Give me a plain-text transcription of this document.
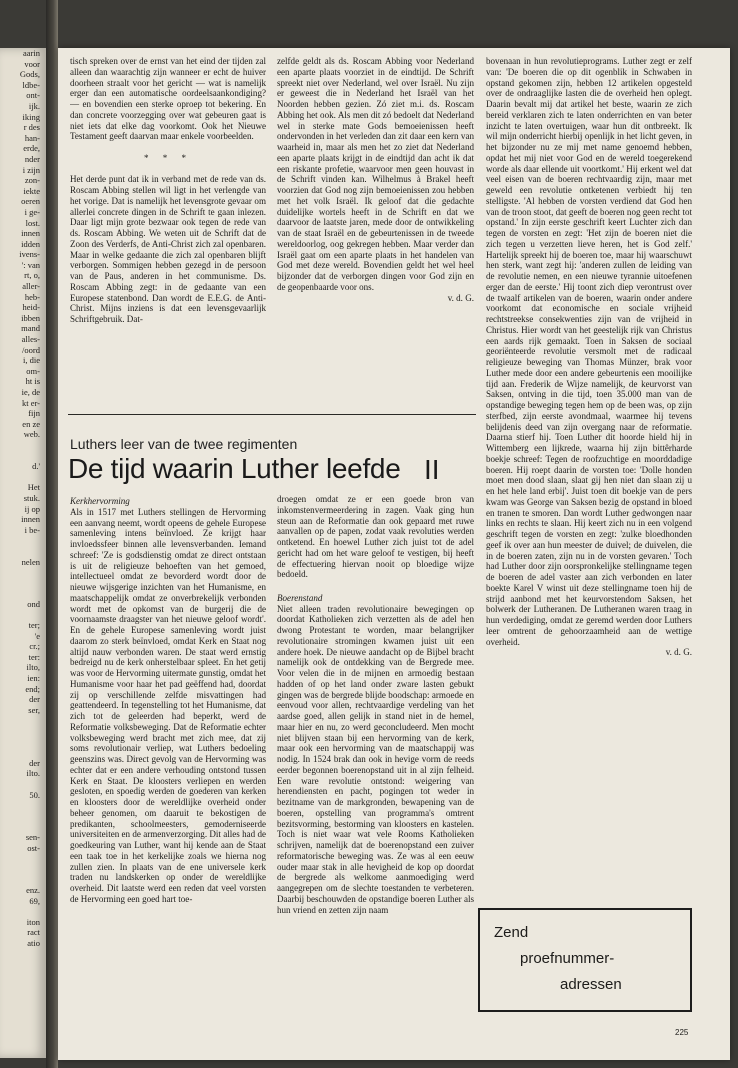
aarin
voor
Gods,
ldbe-
ont-
ijk.
iking
r des
han-
erde,
nder
i zijn
zon-
iekte
oeren
i ge-
lost.
innen
idden
ivens-
': van
rt, o,
aller-
heb-
heid-
ibben
mand
alles-
/oord
i, die
om-
ht is
ie, de
kt er-
fijn
en ze
web.

d.'

Het
stuk.
ij op
innen
i be-

nelen

ond

ter;
'e
cr.;
ter:
ilto,
ien:
end;
der
ser,

der
ilto.

50.

sen-
ost-

enz.
69,

iton
ract
atio

tisch spreken over de ernst van het eind der tijden zal alleen dan waarachtig zijn wanneer er echt de huiver doorheen straalt voor het gericht — wat is namelijk erger dan een automatische oordeelsaankondiging? — en bovendien een sterke oproep tot bekering. En dan concrete voorzegging over wat gebeuren gaat is niet iets dat elke dag voorkomt. Ook het Nieuwe Testament geeft daarvan maar enkele voorbeelden.

* * *

Het derde punt dat ik in verband met de rede van ds. Roscam Abbing stellen wil ligt in het verlengde van het vorige. Dat is namelijk het levensgrote gevaar om allerlei concrete dingen in de Schrift te gaan inlezen. Daar ligt mijn grote bezwaar ook tegen de rede van ds. Roscam Abbing. We weten uit de Schrift dat de Zoon des Verderfs, de Anti-Christ zich zal openbaren. Maar in welke gedaante die zich zal openbaren blijft verborgen. Sommigen hebben gezegd in de persoon van de Paus, anderen in het communisme. Ds. Roscam Abbing zegt: in de gedaante van een Europese statenbond. Dan wordt de E.E.G. de Anti-Christ. Mijns inziens is dat een levensgevaarlijk Schriftgebruik. Dat-

zelfde geldt als ds. Roscam Abbing voor Nederland een aparte plaats voorziet in de eindtijd. De Schrift spreekt niet over Nederland, wel over Israël. Nu zijn er geweest die in Nederland het Israël van het Noorden hebben gezien. Zó ziet m.i. ds. Roscam Abbing het ook. Als men dit zó bedoelt dat Nederland wel in sterke mate Gods bemoeienissen heeft ondervonden in het verleden dan zit daar een kern van waarheid in, maar als men het zo ziet dat Nederland een aparte plaats krijgt in de eindtijd dan acht ik dat een riskante profetie, waarvoor men geen houvast in de Schrift vinden kan. Wilhelmus à Brakel heeft voorzien dat God nog zijn bemoeienissen zou hebben met het volk Israël. Ik geloof dat die gedachte duidelijke wortels heeft in de Schrift en dat we daarvoor de laatste jaren, mede door de ontwikkeling van de staat Israël en de gebeurtenissen in de tweede wereldoorlog, oog gekregen hebben. Maar verder dan Israël gaat om een aparte plaats in het handelen van God met deze wereld. Bovendien geldt het wel heel bijzonder dat de verborgen dingen voor God zijn en de geopenbaarde voor ons.

v. d. G.

Luthers leer van de twee regimenten
De tijd waarin Luther leefde II

Kerkhervorming

Als in 1517 met Luthers stellingen de Hervorming een aanvang neemt, wordt opeens de gehele Europese samenleving intens beïnvloed. Ze krijgt haar invloedssfeer binnen alle levensverbanden. Iemand schreef: 'Ze is godsdienstig omdat ze direct ontstaan is uit de religieuze behoeften van het gemoed, intellectueel omdat ze bevorderd wordt door de nieuwe wijsgerige inzichten van het Humanisme, en maatschappelijk omdat ze onverbrekelijk verbonden wordt met de opkomst van de burgerij die de voornaamste draagster van het nieuwe geloof wordt'. En de gehele Europese samenleving wordt juist daarom zo sterk beïnvloed, omdat Kerk en Staat nog altijd nauw verbonden waren. De staat werd ernstig bedreigd nu de kerk onherstelbaar spleet. En het getij was voor de Hervorming uitermate gunstig, omdat het Humanisme voor haar het pad geëffend had, doordat zij op verschillende zelfde misvattingen had geattendeerd. In tegenstelling tot het Humanisme, dat zich tot de geleerden had beperkt, werd de Reformatie volksbeweging. Dat de Reformatie echter volksbeweging werd bracht met zich mee, dat zij soms revolutionair verliep, wat Luthers bedoeling geenszins was. Direct gevolg van de Hervorming was echter dat er een andere verhouding ontstond tussen Kerk en Staat. De kloosters verliepen en werden gesloten, en spoedig werden de goederen van kerken en kloosters door de wereldlijke overheid onder beheer genomen, om daaruit te bekostigen de predikanten, schoolmeesters, gemoderniseerde universiteiten en de armenverzorging. Dit alles had de goedkeuring van Luther, want hij kende aan de Staat een taak toe in het kerkelijke zoals we hierna nog zullen zien. In plaats van de ene universele kerk traden nu landskerken op onder de wereldlijke overheid. Dit laatste werd een reden dat veel vorsten de Hervorming een goed hart toe-

droegen omdat ze er een goede bron van inkomstenvermeerdering in zagen. Vaak ging hun steun aan de Reformatie dan ook gepaard met ruwe aanvallen op de papen, zodat vaak revoluties werden ontketend. En hoewel Luther zich juist tot de adel gericht had om het ware geloof te vestigen, bij heeft de effectuering hiervan nooit op bloedige wijze bedoeld.

Boerenstand

Niet alleen traden revolutionaire bewegingen op doordat Katholieken zich verzetten als de adel hen dwong Protestant te worden, maar belangrijker revolutionaire stromingen kwamen juist uit een andere hoek. De nieuwe aandacht op de Bijbel bracht namelijk ook de ontdekking van de Bergrede mee. Voor velen die in de mijnen en armoedig bestaan hadden of op het land onder zware lasten gebukt gingen was de bergrede blijde boodschap: armoede en eenvoud voor allen, rechtvaardige verdeling van het aardse goed, allen gelijk in stand niet in de hemel, maar hier en nu, zo werd geconcludeerd. Men mocht niet blijven staan bij een hervorming van de kerk, maar ook een hervorming van de maatschappij was nodig. In 1524 brak dan ook in hevige vorm de reeds eerder begonnen boerenopstand uit in al zijn felheid. Een ware revolutie ontstond: weigering van herendiensten en pacht, pogingen tot weder in bezitname van de markgronden, bewapening van de boeren, opstelling van programma's omtrent bezitsvorming, bestorming van kloosters en kastelen. Toch is niet waar wat vele Rooms Katholieken schrijven, namelijk dat de boerenopstand een zuiver reformatorische beweging was. Ze was al een eeuw ouder maar stak in alle hevigheid de kop op doordat de bergrede als welkome aanmoediging werd aangegrepen om de slechte toestanden te verbeteren. Daarbij beschouwden de opstandige boeren Luther als hun vriend en zetten zijn naam

bovenaan in hun revolutieprograms. Luther zegt er zelf van: 'De boeren die op dit ogenblik in Schwaben in opstand gekomen zijn, hebben 12 artikelen opgesteld over de ondraaglijke lasten die de overheid hen oplegt. Daarin bevalt mij dat artikel het beste, waarin ze zich bereid verklaren zich te laten onderrichten en van beter inzicht te laten overtuigen, waar hun dit ontbreekt. Ik wil mijn onderricht hierbij openlijk in het licht geven, in het bijzonder nu ze mij met name genoemd hebben, opdat het mij niet voor God en de wereld toegerekend worde als daar ellende uit voortkomt.' Hij erkent wel dat veel eisen van de boeren rechtvaardig zijn, maar met geweld een revolutie ontketenen verbiedt hij ten stelligste. 'Al hebben de vorsten verdiend dat God hen van de troon stoot, dat geeft de boeren nog geen recht tot opstand.' In zijn eerste geschrift keert Luchter zich dan tegen de vorsten en zegt: 'Het zijn de boeren niet die zich tegen u verzetten lieve heren, het is God zelf.' Hartelijk spreekt hij de boeren toe, maar hij waarschuwt hen sterk, want zegt hij: 'anderen zullen de leiding van de revolutie nemen, en een nieuwe tyrannie uitoefenen erger dan de eerste.' Hij toont zich diep verontrust over de twaalf artikelen van de boeren, waarin onder andere voorkomt dat economische en sociale vrijheid rechtstreekse consekwenties zijn van de vrijheid in Christus. Hier wordt van het geestelijk rijk van Christus een aards rijk gemaakt. Toen in Saksen de sociaal georiënteerde revolutie versmolt met de radicaal religieuze beweging van Thomas Münzer, brak voor Luther mede door een andere gebeurtenis een mooilijke tijd aan. Frederik de Wijze namelijk, de keurvorst van Saksen, ontving in die tijd, toen 35.000 man van de opstandige beweging tegen hem op de been was, op zijn sterfbed, zijn eerste avondmaal, waarmee hij tevens belijdenis deed van zijn overgang naar de reformatie. Daarna stierf hij. Toen Luther dit hoorde hield hij in Wittemberg een lijkrede, waarna hij zijn bittêrharde boekje schreef: Tegen de roofzuchtige en moorddadige boeren. Hij roept daarin de vorsten toe: 'Dolle honden moet men dood slaan, slaat gij hen niet dan slaan zij u en het hele land erbij'. Juist toen dit boekje van de pers kwam was George van Saksen bezig de opstand in bloed en tranen te smoren. Dan wordt Luther gedwongen naar links en rechts te slaan. Hij keert zich nu in een volgend geschrift tegen de vorsten en zegt: 'zulke bloedhonden geef ik over aan hun meester de duivel; de duivelen, die in de boeren zaten, zijn nu in de vorsten gevaren.' Toch had Luther door zijn oorspronkelijke stellingname tegen de boeren de adel vaster aan zich verbonden en later boekte Karel V winst uit deze stellingname toen hij de strijd aanbond met het keurvorstendom Saksen, het bolwerk der Lutheranen. De Lutheranen waren traag in hun verdediging, omdat ze geremd werden door Luthers leer omtrent de gehoorzaamheid aan de wettige overheid.

v. d. G.

Zend
proefnummer-
adressen
225
